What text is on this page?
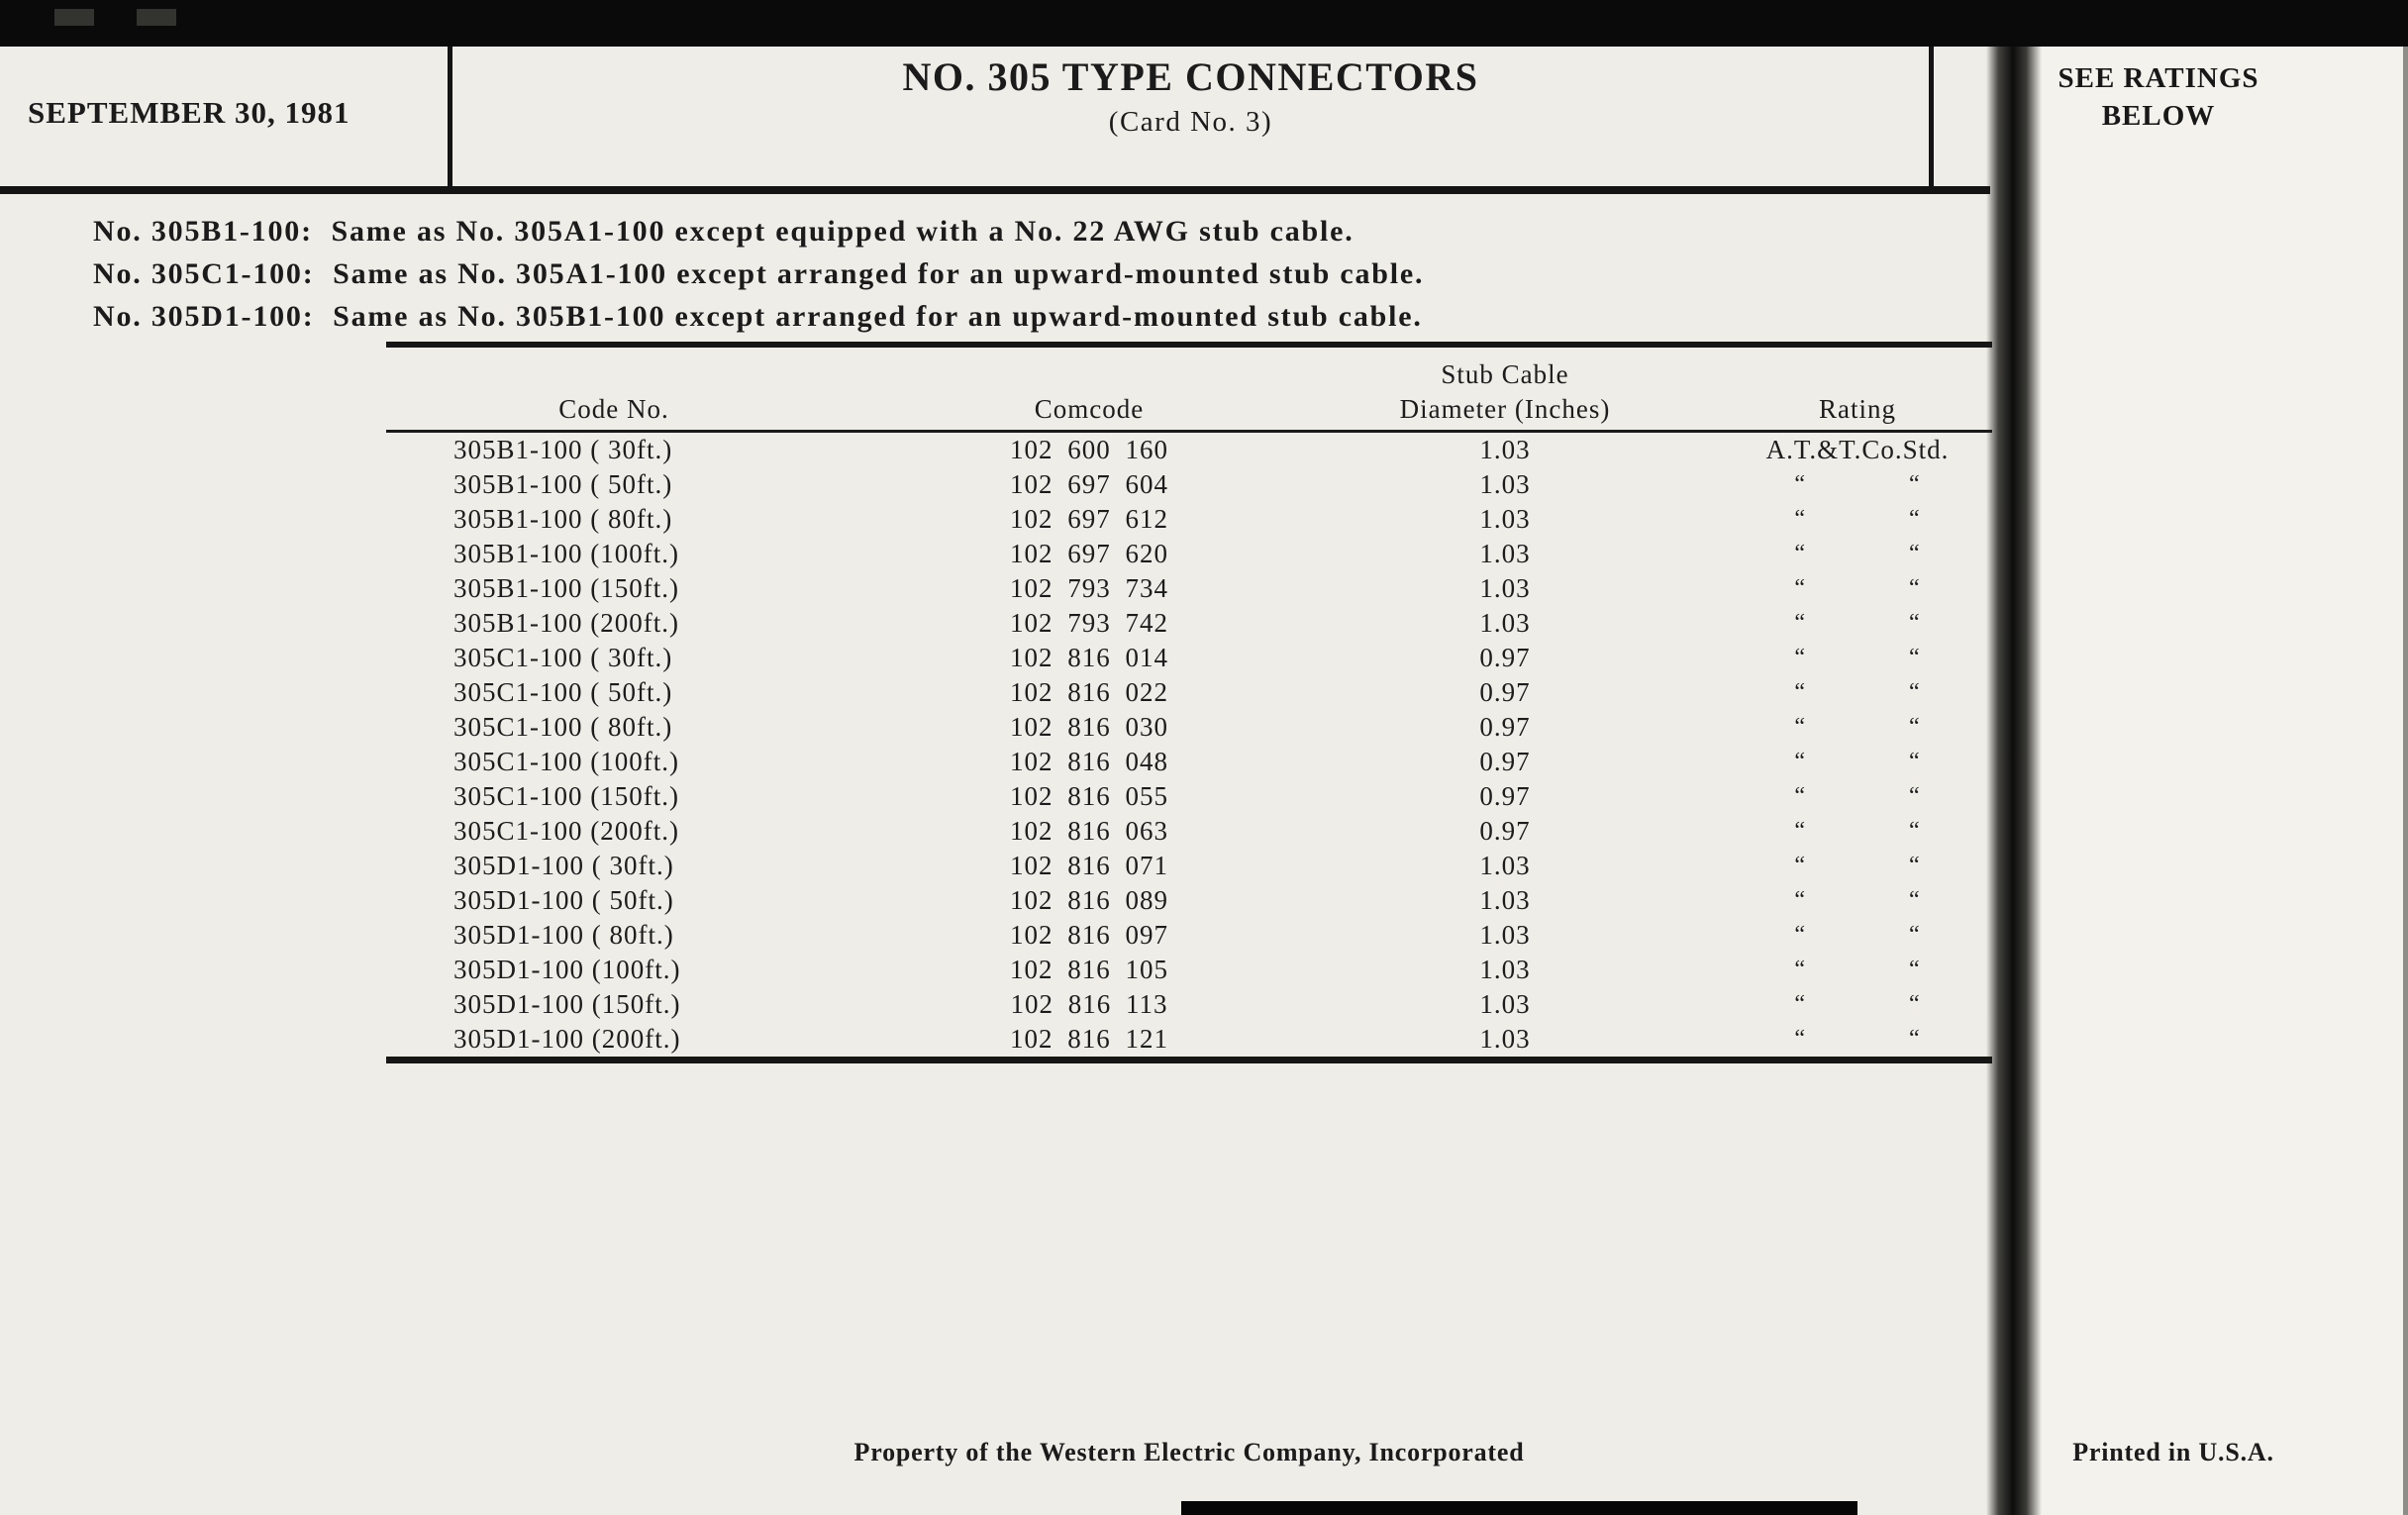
SEPTEMBER 30, 1981
NO. 305 TYPE CONNECTORS
(Card No. 3)
SEE RATINGS
BELOW
No. 305B1-100:  Same as No. 305A1-100 except equipped with a No. 22 AWG stub cable.
No. 305C1-100:  Same as No. 305A1-100 except arranged for an upward-mounted stub cable.
No. 305D1-100:  Same as No. 305B1-100 except arranged for an upward-mounted stub cable.
Stub Cable
Code No.	Comcode	Diameter (Inches)	Rating
305B1-100 ( 30ft.)	102 600 160	1.03	A.T.&T.Co.Std.
305B1-100 ( 50ft.)	102 697 604	1.03	“	“
305B1-100 ( 80ft.)	102 697 612	1.03	“	“
305B1-100 (100ft.)	102 697 620	1.03	“	“
305B1-100 (150ft.)	102 793 734	1.03	“	“
305B1-100 (200ft.)	102 793 742	1.03	“	“
305C1-100 ( 30ft.)	102 816 014	0.97	“	“
305C1-100 ( 50ft.)	102 816 022	0.97	“	“
305C1-100 ( 80ft.)	102 816 030	0.97	“	“
305C1-100 (100ft.)	102 816 048	0.97	“	“
305C1-100 (150ft.)	102 816 055	0.97	“	“
305C1-100 (200ft.)	102 816 063	0.97	“	“
305D1-100 ( 30ft.)	102 816 071	1.03	“	“
305D1-100 ( 50ft.)	102 816 089	1.03	“	“
305D1-100 ( 80ft.)	102 816 097	1.03	“	“
305D1-100 (100ft.)	102 816 105	1.03	“	“
305D1-100 (150ft.)	102 816 113	1.03	“	“
305D1-100 (200ft.)	102 816 121	1.03	“	“
Property of the Western Electric Company, Incorporated	Printed in U.S.A.
